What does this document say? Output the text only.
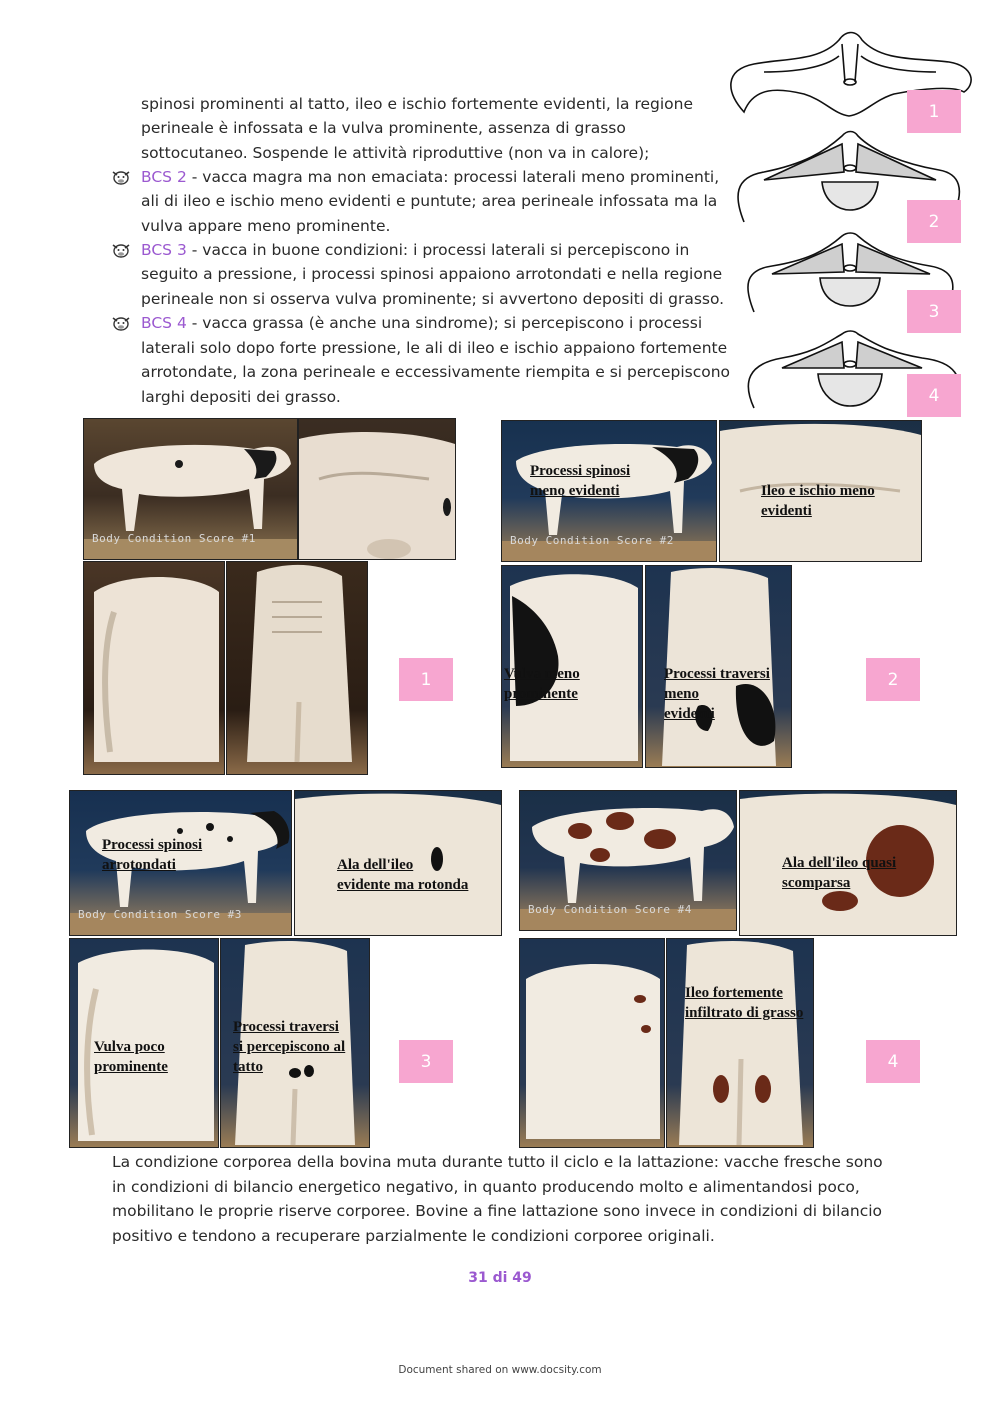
spinosi prominenti al tatto, ileo e ischio fortemente evidenti, la regione
perineale è infossata e la vulva prominente, assenza di grasso
sottocutaneo. Sospende le attività riproduttive (non va in calore);
BCS 2 - vacca magra ma non emaciata: processi laterali meno prominenti,
ali di ileo e ischio meno evidenti e puntute; area perineale infossata ma la
vulva appare meno prominente.
BCS 3 - vacca in buone condizioni: i processi laterali si percepiscono in
seguito a pressione, i processi spinosi appaiono arrotondati e nella regione
perineale non si osserva vulva prominente; si avvertono depositi di grasso.
BCS 4 - vacca grassa (è anche una sindrome); si percepiscono i processi
laterali solo dopo forte pressione, le ali di ileo e ischio appaiono fortemente
arrotondate, la zona perineale e eccessivamente riempita e si percepiscono
larghi depositi dei grasso.
1
2
3
4
Body Condition Score #1
1
Processi spinosi
meno evidenti
Body Condition Score #2
Ileo e ischio meno
evidenti
Vulva meno
prominente
Processi traversi meno
evidenti
2
Processi spinosi
arrotondati
Body Condition Score #3
Ala dell'ileo
evidente ma rotonda
Vulva poco
prominente
Processi traversi
si percepiscono al
tatto	3
Body Condition Score #4
Ala dell'ileo quasi
scomparsa
Ileo fortemente
infiltrato di grasso
4
La condizione corporea della bovina muta durante tutto il ciclo e la lattazione: vacche fresche sono in condizioni di bilancio energetico negativo, in quanto producendo molto e alimentandosi poco, mobilitano le proprie riserve corporee. Bovine a fine lattazione sono invece in condizioni di bilancio positivo e tendono a recuperare parzialmente le condizioni corporee originali.
31 di 49
Document shared on www.docsity.com
